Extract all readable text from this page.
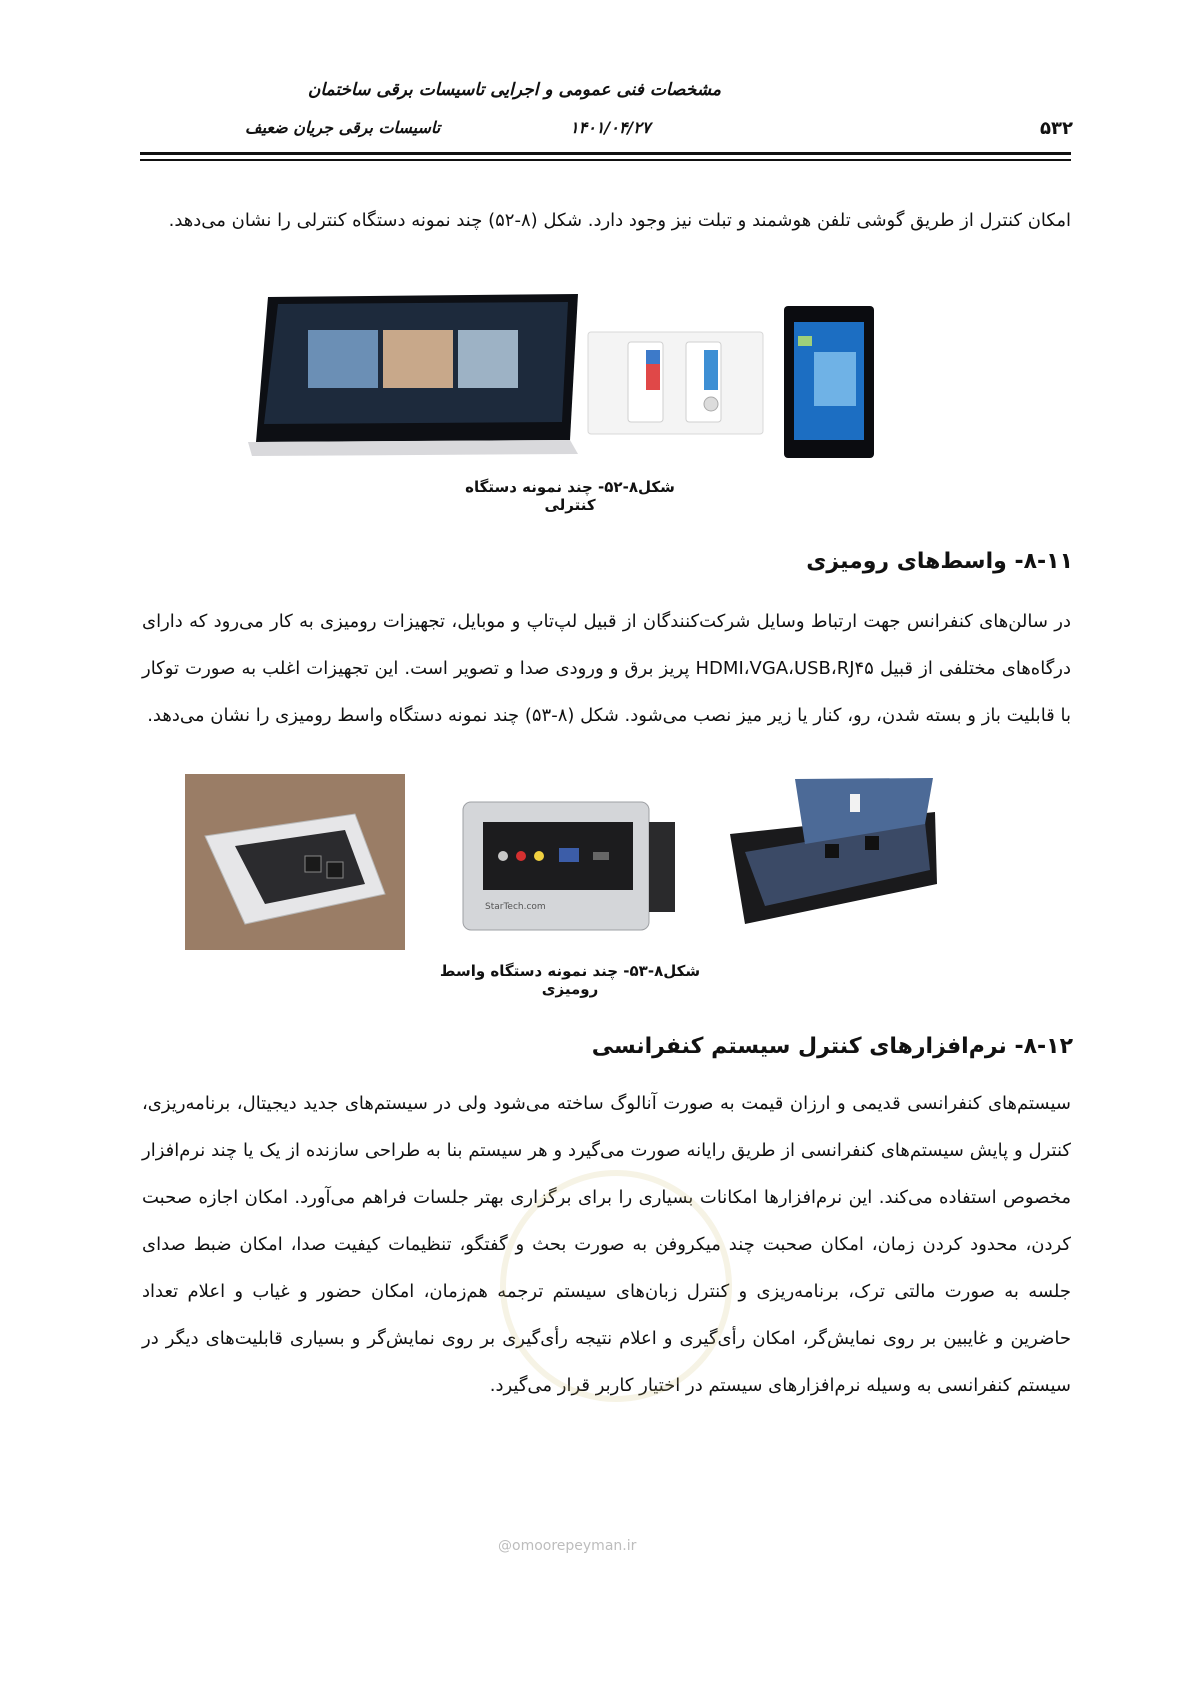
مشخصات فنی عمومی و اجرایی تاسیسات برقی ساختمان
تاسیسات برقی جریان ضعیف	۱۴۰۱/۰۴/۲۷	۵۳۲

امکان کنترل از طریق گوشی تلفن هوشمند و تبلت نیز وجود دارد. شکل (۸-۵۲) چند نمونه دستگاه کنترلی را نشان می‌دهد.

شکل۸-۵۲- چند نمونه دستگاه کنترلی
۸-۱۱- واسط‌های رومیزی

در سالن‌های کنفرانس جهت ارتباط وسایل شرکت‌کنندگان از قبیل لپ‌تاپ و موبایل، تجهیزات رومیزی به کار می‌رود که دارای درگاه‌های مختلفی از قبیل HDMI،VGA،USB،RJ۴۵ پریز برق و ورودی صدا و تصویر است. این تجهیزات اغلب به صورت توکار با قابلیت باز و بسته شدن، رو، کنار یا زیر میز نصب می‌شود. شکل (۸-۵۳) چند نمونه دستگاه واسط رومیزی را نشان می‌دهد.

StarTech.com
شکل۸-۵۳- چند نمونه دستگاه واسط رومیزی
۸-۱۲- نرم‌افزارهای کنترل سیستم کنفرانسی

سیستم‌های کنفرانسی قدیمی و ارزان قیمت به صورت آنالوگ ساخته می‌شود ولی در سیستم‌های جدید دیجیتال، برنامه‌ریزی، کنترل و پایش سیستم‌های کنفرانسی از طریق رایانه صورت می‌گیرد و هر سیستم بنا به طراحی سازنده از یک یا چند نرم‌افزار مخصوص استفاده می‌کند. این نرم‌افزارها امکانات بسیاری را برای برگزاری بهتر جلسات فراهم می‌آورد. امکان اجازه صحبت کردن، محدود کردن زمان، امکان صحبت چند میکروفن به صورت بحث و گفتگو، تنظیمات کیفیت صدا، امکان ضبط صدای جلسه به صورت مالتی ترک، برنامه‌ریزی و کنترل زبان‌های سیستم ترجمه هم‌زمان، امکان حضور و غیاب و اعلام تعداد حاضرین و غایبین بر روی نمایش‌گر، امکان رأی‌گیری و اعلام نتیجه رأی‌گیری بر روی نمایش‌گر و بسیاری قابلیت‌های دیگر در سیستم کنفرانسی به وسیله نرم‌افزارهای سیستم در اختیار کاربر قرار می‌گیرد.

@omoorepeyman.ir
